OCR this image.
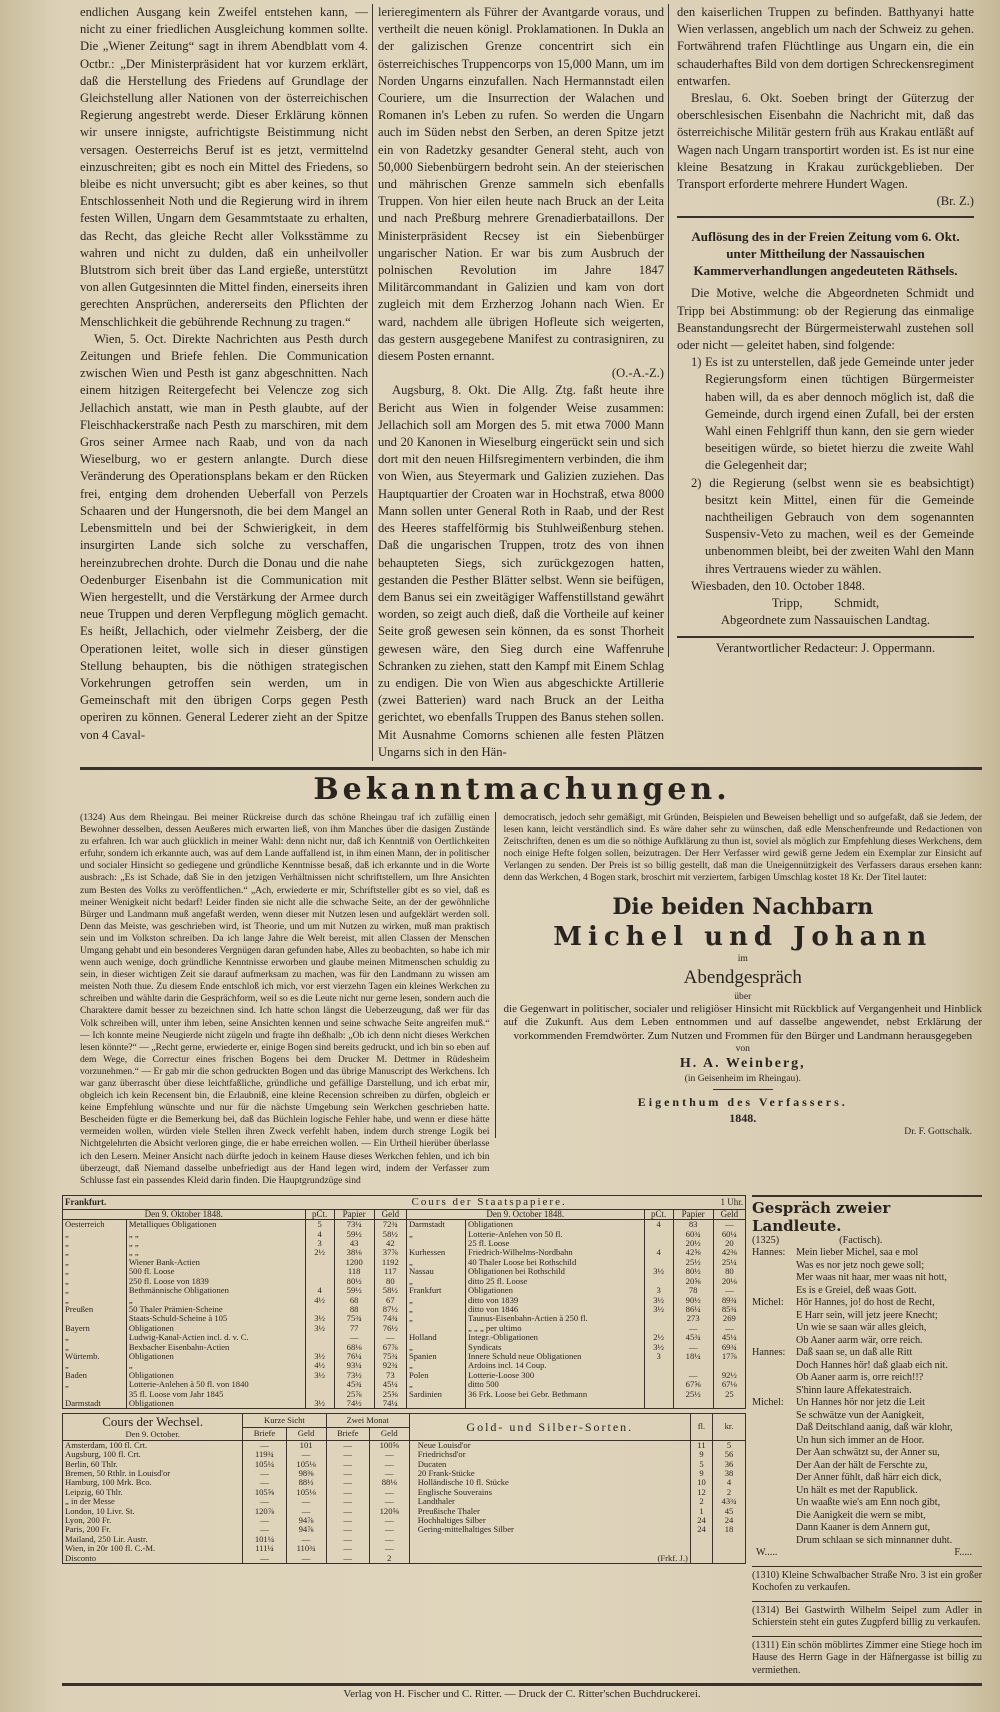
endlichen Ausgang kein Zweifel entstehen kann, — nicht zu einer friedlichen Ausgleichung kommen sollte. Die „Wiener Zeitung“ sagt in ihrem Abendblatt vom 4. Octbr.: „Der Ministerpräsident hat vor kurzem erklärt, daß die Herstellung des Friedens auf Grundlage der Gleichstellung aller Nationen von der österreichischen Regierung angestrebt werde. Dieser Erklärung können wir unsere innigste, aufrichtigste Beistimmung nicht versagen. Oesterreichs Beruf ist es jetzt, vermittelnd einzuschreiten; gibt es noch ein Mittel des Friedens, so bleibe es nicht unversucht; gibt es aber keines, so thut Entschlossenheit Noth und die Regierung wird in ihrem festen Willen, Ungarn dem Gesammtstaate zu erhalten, das Recht, das gleiche Recht aller Volksstämme zu wahren und nicht zu dulden, daß ein unheilvoller Blutstrom sich breit über das Land ergieße, unterstützt von allen Gutgesinnten die Mittel finden, einerseits ihren gerechten Ansprüchen, andererseits den Pflichten der Menschlichkeit die gebührende Rechnung zu tragen.“

Wien, 5. Oct. Direkte Nachrichten aus Pesth durch Zeitungen und Briefe fehlen. Die Communication zwischen Wien und Pesth ist ganz abgeschnitten. Nach einem hitzigen Reitergefecht bei Velencze zog sich Jellachich anstatt, wie man in Pesth glaubte, auf der Fleischhackerstraße nach Pesth zu marschiren, mit dem Gros seiner Armee nach Raab, und von da nach Wieselburg, wo er gestern anlangte. Durch diese Veränderung des Operationsplans bekam er den Rücken frei, entging dem drohenden Ueberfall von Perzels Schaaren und der Hungersnoth, die bei dem Mangel an Lebensmitteln und bei der Schwierigkeit, in dem insurgirten Lande sich solche zu verschaffen, hereinzubrechen drohte. Durch die Donau und die nahe Oedenburger Eisenbahn ist die Communication mit Wien hergestellt, und die Verstärkung der Armee durch neue Truppen und deren Verpflegung möglich gemacht. Es heißt, Jellachich, oder vielmehr Zeisberg, der die Operationen leitet, wolle sich in dieser günstigen Stellung behaupten, bis die nöthigen strategischen Vorkehrungen getroffen sein werden, um in Gemeinschaft mit den übrigen Corps gegen Pesth operiren zu können. General Lederer zieht an der Spitze von 4 Caval-

lerieregimentern als Führer der Avantgarde voraus, und vertheilt die neuen königl. Proklamationen. In Dukla an der galizischen Grenze concentrirt sich ein österreichisches Truppencorps von 15,000 Mann, um im Norden Ungarns einzufallen. Nach Hermannstadt eilen Couriere, um die Insurrection der Walachen und Romanen in's Leben zu rufen. So werden die Ungarn auch im Süden nebst den Serben, an deren Spitze jetzt ein von Radetzky gesandter General steht, auch von 50,000 Siebenbürgern bedroht sein. An der steierischen und mährischen Grenze sammeln sich ebenfalls Truppen. Von hier eilen heute nach Bruck an der Leita und nach Preßburg mehrere Grenadierbataillons. Der Ministerpräsident Recsey ist ein Siebenbürger ungarischer Nation. Er war bis zum Ausbruch der polnischen Revolution im Jahre 1847 Militärcommandant in Galizien und kam von dort zugleich mit dem Erzherzog Johann nach Wien. Er ward, nachdem alle übrigen Hofleute sich weigerten, das gestern ausgegebene Manifest zu contrasigniren, zu diesem Posten ernannt.

(O.-A.-Z.)

Augsburg, 8. Okt. Die Allg. Ztg. faßt heute ihre Bericht aus Wien in folgender Weise zusammen: Jellachich soll am Morgen des 5. mit etwa 7000 Mann und 20 Kanonen in Wieselburg eingerückt sein und sich dort mit den neuen Hilfsregimentern verbinden, die ihm von Wien, aus Steyermark und Galizien zuziehen. Das Hauptquartier der Croaten war in Hochstraß, etwa 8000 Mann sollen unter General Roth in Raab, und der Rest des Heeres staffelförmig bis Stuhlweißenburg stehen. Daß die ungarischen Truppen, trotz des von ihnen behaupteten Siegs, sich zurückgezogen hatten, gestanden die Pesther Blätter selbst. Wenn sie beifügen, dem Banus sei ein zweitägiger Waffenstillstand gewährt worden, so zeigt auch dieß, daß die Vortheile auf keiner Seite groß gewesen sein können, da es sonst Thorheit gewesen wäre, den Sieg durch eine Waffenruhe Schranken zu ziehen, statt den Kampf mit Einem Schlag zu endigen. Die von Wien aus abgeschickte Artillerie (zwei Batterien) ward nach Bruck an der Leitha gerichtet, wo ebenfalls Truppen des Banus stehen sollen. Mit Ausnahme Comorns schienen alle festen Plätzen Ungarns sich in den Hän-

den kaiserlichen Truppen zu befinden. Batthyanyi hatte Wien verlassen, angeblich um nach der Schweiz zu gehen. Fortwährend trafen Flüchtlinge aus Ungarn ein, die ein schauderhaftes Bild von dem dortigen Schreckensregiment entwarfen.

Breslau, 6. Okt. Soeben bringt der Güterzug der oberschlesischen Eisenbahn die Nachricht mit, daß das österreichische Militär gestern früh aus Krakau entläßt auf Wagen nach Ungarn transportirt worden ist. Es ist nur eine kleine Besatzung in Krakau zurückgeblieben. Der Transport erforderte mehrere Hundert Wagen.

(Br. Z.)
Auflösung des in der Freien Zeitung vom 6. Okt. unter Mittheilung der Nassauischen Kammerverhandlungen angedeuteten Räthsels.

Die Motive, welche die Abgeordneten Schmidt und Tripp bei Abstimmung: ob der Regierung das einmalige Beanstandungsrecht der Bürgermeisterwahl zustehen soll oder nicht — geleitet haben, sind folgende:

1) Es ist zu unterstellen, daß jede Gemeinde unter jeder Regierungsform einen tüchtigen Bürgermeister haben will, da es aber dennoch möglich ist, daß die Gemeinde, durch irgend einen Zufall, bei der ersten Wahl einen Fehlgriff thun kann, den sie gern wieder beseitigen würde, so bietet hierzu die zweite Wahl die Gelegenheit dar;
2) die Regierung (selbst wenn sie es beabsichtigt) besitzt kein Mittel, einen für die Gemeinde nachtheiligen Gebrauch von dem sogenannten Suspensiv-Veto zu machen, weil es der Gemeinde unbenommen bleibt, bei der zweiten Wahl den Mann ihres Vertrauens wieder zu wählen.

Wiesbaden, den 10. October 1848.

Tripp,          Schmidt,
Abgeordnete zum Nassauischen Landtag.
Verantwortlicher Redacteur: J. Oppermann.
Bekanntmachungen.
(1324) Aus dem Rheingau. Bei meiner Rückreise durch das schöne Rheingau traf ich zufällig einen Bewohner desselben, dessen Aeußeres mich erwarten ließ, von ihm Manches über die dasigen Zustände zu erfahren. Ich war auch glücklich in meiner Wahl: denn nicht nur, daß ich Kenntniß von Oertlichkeiten erfuhr, sondern ich erkannte auch, was auf dem Lande auffallend ist, in ihm einen Mann, der in politischer und socialer Hinsicht so gediegene und gründliche Kenntnisse besaß, daß ich erkannte und in die Worte ausbrach: „Es ist Schade, daß Sie in den jetzigen Verhältnissen nicht schriftstellern, um Ihre Ansichten zum Besten des Volks zu veröffentlichen.“ „Ach, erwiederte er mir, Schriftsteller gibt es so viel, daß es meiner Wenigkeit nicht bedarf! Leider finden sie nicht alle die schwache Seite, an der der gewöhnliche Bürger und Landmann muß angefaßt werden, wenn dieser mit Nutzen lesen und aufgeklärt werden soll. Denn das Meiste, was geschrieben wird, ist Theorie, und um mit Nutzen zu wirken, muß man praktisch sein und im Volkston schreiben. Da ich lange Jahre die Welt bereist, mit allen Classen der Menschen Umgang gehabt und ein besonderes Vergnügen daran gefunden habe, Alles zu beobachten, so habe ich mir wenn auch wenige, doch gründliche Kenntnisse erworben und glaube meinen Mitmenschen schuldig zu sein, in dieser wichtigen Zeit sie darauf aufmerksam zu machen, was für den Landmann zu wissen am meisten Noth thue. Zu diesem Ende entschloß ich mich, vor erst vierzehn Tagen ein kleines Werkchen zu schreiben und wählte darin die Gesprächform, weil so es die Leute nicht nur gerne lesen, sondern auch die Charaktere damit besser zu bezeichnen sind. Ich hatte schon längst die Ueberzeugung, daß wer für das Volk schreiben will, unter ihm leben, seine Ansichten kennen und seine schwache Seite angreifen muß.“ — Ich konnte meine Neugierde nicht zügeln und fragte ihn deßhalb: „Ob ich denn nicht dieses Werkchen lesen könnte?“ — „Recht gerne, erwiederte er, einige Bogen sind bereits gedruckt, und ich bin so eben auf dem Wege, die Correctur eines frischen Bogens bei dem Drucker M. Dettmer in Rüdesheim vorzunehmen.“ — Er gab mir die schon gedruckten Bogen und das übrige Manuscript des Werkchens. Ich war ganz überrascht über diese leichtfaßliche, gründliche und gefällige Darstellung, und ich erbat mir, obgleich ich kein Recensent bin, die Erlaubniß, eine kleine Recension schreiben zu dürfen, obgleich er keine Empfehlung wünschte und nur für die nächste Umgebung sein Werkchen geschrieben hatte. Bescheiden fügte er die Bemerkung bei, daß das Büchlein logische Fehler habe, und wenn er diese hätte vermeiden wollen, würden viele Stellen ihren Zweck verfehlt haben, indem durch strenge Logik bei Nichtgelehrten die Absicht verloren ginge, die er habe erreichen wollen. — Ein Urtheil hierüber überlasse ich den Lesern. Meiner Ansicht nach dürfte jedoch in keinem Hause dieses Werkchen fehlen, und ich bin überzeugt, daß Niemand dasselbe unbefriedigt aus der Hand legen wird, indem der Verfasser zum Schlusse fast ein passendes Kleid darin finden. Die Hauptgrundzüge sind
democratisch, jedoch sehr gemäßigt, mit Gründen, Beispielen und Beweisen behelligt und so aufgefaßt, daß sie Jedem, der lesen kann, leicht verständlich sind. Es wäre daher sehr zu wünschen, daß edle Menschenfreunde und Redactionen von Zeitschriften, denen es um die so nöthige Aufklärung zu thun ist, soviel als möglich zur Empfehlung dieses Werkchens, dem noch einige Hefte folgen sollen, beizutragen. Der Herr Verfasser wird gewiß gerne Jedem ein Exemplar zur Einsicht auf Verlangen zu senden. Der Preis ist so billig gestellt, daß man die Uneigennützigkeit des Verfassers daraus ersehen kann: denn das Werkchen, 4 Bogen stark, broschirt mit verziertem, farbigen Umschlag kostet 18 Kr. Der Titel lautet:
Die beiden Nachbarn
Michel und Johann
im
Abendgespräch
über
die Gegenwart in politischer, socialer und religiöser Hinsicht mit Rückblick auf Vergangenheit und Hinblick auf die Zukunft. Aus dem Leben entnommen und auf dasselbe angewendet, nebst Erklärung der vorkommenden Fremdwörter. Zum Nutzen und Frommen für den Bürger und Landmann herausgegeben
von
H. A. Weinberg,
(in Geisenheim im Rheingau).
Eigenthum des Verfassers.
1848.
Dr. F. Gottschalk.
Frankfurt.		Cours der Staatspapiere.						1 Uhr.	
Den 9. Oktober 1848.		pCt.	Papier	Geld	Den 9. October 1848.		pCt.	Papier	Geld
Oesterreich	Metalliques Obligationen	5	73¼	72¾	Darmstadt	Obligationen	4	83	—
„	„ „	4	59½	58½	„	Lotterie-Anlehen von 50 fl.		60¾	60¼
„	„ „	3	43	42		25 fl. Loose		20½	20
„	„ „	2½	38⅛	37⅞	Kurhessen	Friedrich-Wilhelms-Nordbahn	4	42⅝	42⅜
„	Wiener Bank-Actien		1200	1192	„	40 Thaler Loose bei Rothschild		25½	25¼
„	500 fl. Loose		118	117	Nassau	Obligationen bei Rothschild	3½	80½	80
„	250 fl. Loose von 1839		80½	80	„	ditto 25 fl. Loose		20⅝	20⅛
„	Bethmännische Obligationen	4	59½	58½	Frankfurt	Obligationen	3	78	—
„	„	4½	68	67	„	ditto von 1839	3½	90½	89¾
Preußen	50 Thaler Prämien-Scheine		88	87½	„	ditto von 1846	3½	86¼	85¾
	Staats-Schuld-Scheine à 105	3½	75¾	74¾	„	Taunus-Eisenbahn-Actien à 250 fl.		273	269
Bayern	Obligationen	3½	77	76½		„ „ „ per ultimo		—	—
„	Ludwig-Kanal-Actien incl. d. v. C.		—	—	Holland	Integr.-Obligationen	2½	45¾	45¼
„	Bexbacher Eisenbahn-Actien		68⅛	67⅞	„	Syndicats	3½	—	69¾
Würtemb.	Obligationen	3½	76¼	75¾	Spanien	Innere Schuld neue Obligationen	3	18¼	17⅞
„	„	4½	93¼	92¾	„	Ardoins incl. 14 Coup.			
Baden	Obligationen	3½	73½	73	Polen	Lotterie-Loose 300		—	92½
„	Lotterie-Anlehen à 50 fl. von 1840		45¾	45¼	„	ditto 500		67⅝	67⅛
	35 fl. Loose vom Jahr 1845		25⅞	25⅝	Sardinien	36 Frk. Loose bei Gebr. Bethmann		25½	25
Darmstadt	Obligationen	3½	74½	74¼					
Cours der Wechsel.
Den 9. October.	Kurze Sicht		Zwei Monat		Gold- und Silber-Sorten.	fl.	kr.
	Briefe	Geld	Briefe	Geld			
Amsterdam, 100 fl. Crt.	—	101	—	100⅝	Neue Louisd'or	11	5
Augsburg, 100 fl. Crt.	119¾	—	—	—	Friedrichsd'or	9	56
Berlin, 60 Thlr.	105¼	105⅛	—	—	Ducaten	5	36
Bremen, 50 Rthlr. in Louisd'or	—	98⅜	—	—	20 Frank-Stücke	9	38
Hamburg, 100 Mrk. Bco.	—	88½	—	88⅛	Holländische 10 fl. Stücke	10	4
Leipzig, 60 Thlr.	105⅝	105⅛	—	—	Englische Souverains	12	2
„ in der Messe	—	—	—	—	Landthaler	2	43¾
London, 10 Livr. St.	120⅞	—	—	120⅝	Preußische Thaler	1	45
Lyon, 200 Fr.	—	94⅞	—	—	Hochhaltiges Silber	24	24
Paris, 200 Fr.	—	94⅞	—	—	Gering-mittelhaltiges Silber	24	18
Mailand, 250 Lir. Austr.	101¼	—	—	—			
Wien, in 20r 100 fl. C.-M.	111¼	110¾	—	—			
Disconto	—	—	—	2	(Frkf. J.)		
Gespräch zweier Landleute.
(1325)	(Factisch).
Hannes:	Mein lieber Michel, saa e mol
Was es nor jetz noch gewe soll;
Mer waas nit haar, mer waas nit hott,
Es is e Greiel, deß waas Gott.
Michel:	Hör Hannes, jo! do host de Recht,
E Harr sein, will jetz jeere Knecht;
Un wie se saan wär alles gleich,
Ob Aaner aarm wär, orre reich.
Hannes:	Daß saan se, un daß alle Ritt
Doch Hannes hör! daß glaab eich nit.
Ob Aaner aarm is, orre reich!!?
S'hinn laure Affekatestraich.
Michel:	Un Hannes hör nor jetz die Leit
Se schwätze vun der Aanigkeit,
Daß Deitschland aanig, daß wär klohr,
Un hun sich immer an de Hoor.
Der Aan schwätzt su, der Anner su,
Der Aan der hält de Ferschte zu,
Der Anner fühlt, daß härr eich dick,
Un hält es met der Rapublick.
Un waaßte wie's am Enn noch gibt,
Die Aanigkeit die wern se mibt,
Dann Kaaner is dem Annern gut,
Drum schlaan se sich minnanner duht.
W.....	F.....
(1310) Kleine Schwalbacher Straße Nro. 3 ist ein großer Kochofen zu verkaufen.
(1314) Bei Gastwirth Wilhelm Seipel zum Adler in Schierstein steht ein gutes Zugpferd billig zu verkaufen.
(1311) Ein schön möblirtes Zimmer eine Stiege hoch im Hause des Herrn Gage in der Häfnergasse ist billig zu vermiethen.
Verlag von H. Fischer und C. Ritter. — Druck der C. Ritter'schen Buchdruckerei.
